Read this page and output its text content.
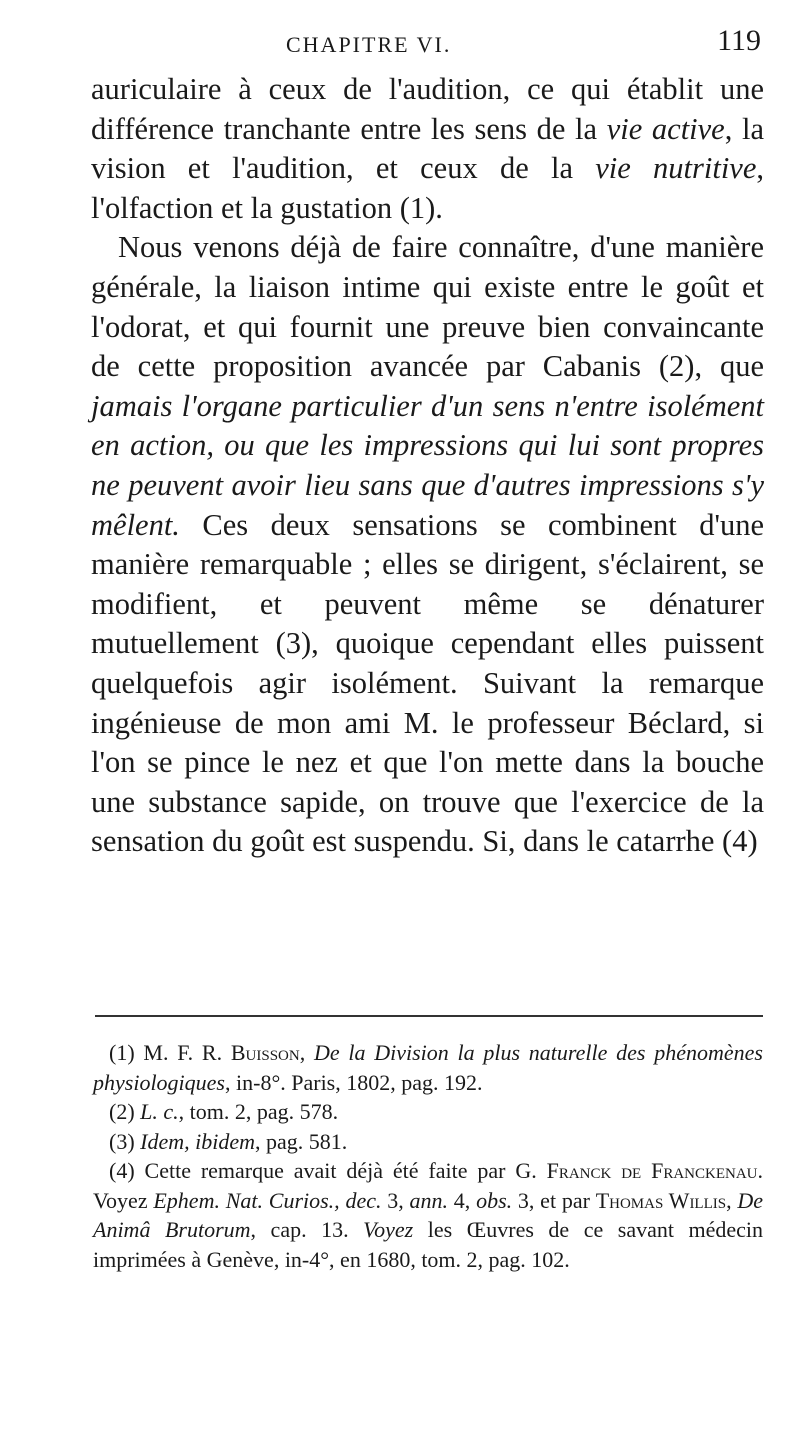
CHAPITRE VI.	119

auriculaire à ceux de l'audition, ce qui établit une différence tranchante entre les sens de la vie active, la vision et l'audition, et ceux de la vie nutritive, l'olfaction et la gustation (1).

Nous venons déjà de faire connaître, d'une manière générale, la liaison intime qui existe entre le goût et l'odorat, et qui fournit une preuve bien convaincante de cette proposition avancée par Cabanis (2), que jamais l'organe particulier d'un sens n'entre isolément en action, ou que les impressions qui lui sont propres ne peuvent avoir lieu sans que d'autres impressions s'y mêlent. Ces deux sensations se combinent d'une manière remarquable ; elles se dirigent, s'éclairent, se modifient, et peuvent même se dénaturer mutuellement (3), quoique cependant elles puissent quelquefois agir isolément. Suivant la remarque ingénieuse de mon ami M. le professeur Béclard, si l'on se pince le nez et que l'on mette dans la bouche une substance sapide, on trouve que l'exercice de la sensation du goût est suspendu. Si, dans le catarrhe (4)

(1) M. F. R. Buisson, De la Division la plus naturelle des phénomènes physiologiques, in-8°. Paris, 1802, pag. 192.

(2) L. c., tom. 2, pag. 578.

(3) Idem, ibidem, pag. 581.

(4) Cette remarque avait déjà été faite par G. Franck de Franckenau. Voyez Ephem. Nat. Curios., dec. 3, ann. 4, obs. 3, et par Thomas Willis, De Animâ Brutorum, cap. 13. Voyez les Œuvres de ce savant médecin imprimées à Genève, in-4°, en 1680, tom. 2, pag. 102.
